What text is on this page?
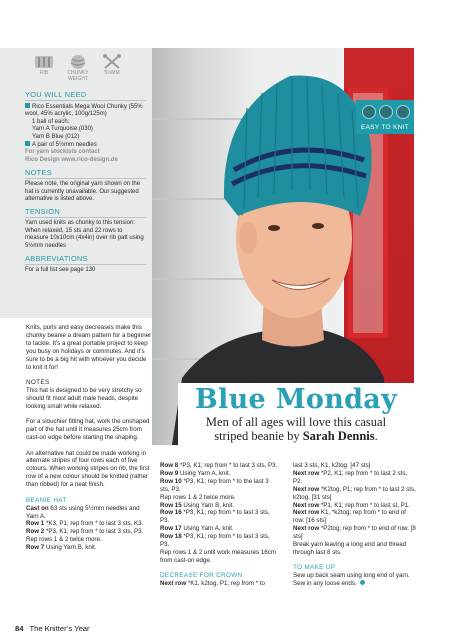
EASY TO KNIT
Blue Monday
Men of all ages will love this casual
striped beanie by Sarah Dennis.
RIB	CHUNKY
WEIGHT
5½MM
YOU WILL NEED

Rico Essentials Mega Wool Chunky (55% wool, 45% acrylic, 100g/125m)

1 ball of each:

Yarn A Turquoise (030)

Yarn B Blue (012)

A pair of 5½mm needles

For yarn stockists contact

Rico Design www.rico-design.de

NOTES

Please note, the original yarn shown on the hat is currently unavailable. Our suggested alternative is listed above.

TENSION

Yarn used knits as chunky to this tension: When relaxed, 15 sts and 22 rows to measure 10x10cm (4x4in) over rib patt using 5½mm needles

ABBREVIATIONS

For a full list see page 130

Knits, purls and easy decreases make this chunky beanie a dream pattern for a beginner to tackle. It’s a great portable project to keep you busy on holidays or commutes. And it’s sure to be a big hit with whoever you decide to knit it for!

NOTES

This hat is designed to be very stretchy so should fit most adult male heads, despite looking small while relaxed.

For a slouchier fitting hat, work the unshaped part of the hat until it measures 25cm from cast-on edge before starting the shaping.

An alternative hat could be made working in alternate stripes of four rows each of five colours. When working stripes on rib, the first row of a new colour should be knitted (rather than ribbed) for a neat finish.

BEANIE HAT
Cast on 63 sts using 5½mm needles and Yarn A.
Row 1 *K3, P1; rep from * to last 3 sts, K3.
Row 2 *P3, K1; rep from * to last 3 sts, P3.
Rep rows 1 & 2 twice more.
Row 7 Using Yarn B, knit.
Row 8 *P3, K1; rep from * to last 3 sts, P3.
Row 9 Using Yarn A, knit.
Row 10 *P3, K1; rep from * to the last 3 sts, P3.
Rep rows 1 & 2 twice more.
Row 15 Using Yarn B, knit.
Row 16 *P3, K1; rep from * to last 3 sts, P3.
Row 17 Using Yarn A, knit.
Row 18 *P3, K1; rep from * to last 3 sts, P3.

Rep rows 1 & 2 until work measures 16cm from cast-on edge.

DECREASE FOR CROWN
Next row *K1, k2tog, P1; rep from * to
last 3 sts, K1, k2tog. [47 sts]
Next row *P2, K1; rep from * to last 2 sts, P2.
Next row *K2tog, P1; rep from * to last 2 sts, k2tog. [31 sts]
Next row *P1, K1; rep from * to last st, P1.
Next row K1, *k2tog; rep from * to end of row. [16 sts]
Next row *P2tog; rep from * to end of row. [8 sts]

Break yarn leaving a long end and thread through last 8 sts.

TO MAKE UP
Sew up back seam using long end of yarn. Sew in any loose ends.
84 The Knitter’s Year
